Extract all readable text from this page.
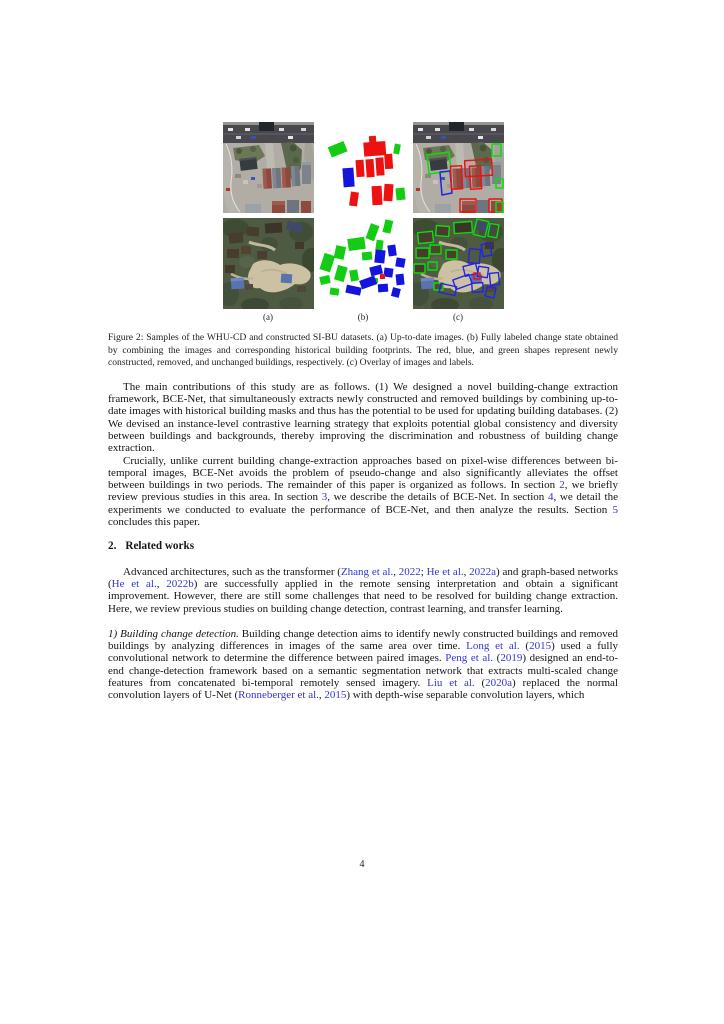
(a)	(b)	(c)
Figure 2: Samples of the WHU-CD and constructed SI-BU datasets. (a) Up-to-date images. (b) Fully labeled change state obtained by combining the images and corresponding historical building footprints. The red, blue, and green shapes represent newly constructed, removed, and unchanged buildings, respectively. (c) Overlay of images and labels.

The main contributions of this study are as follows. (1) We designed a novel building-change extraction framework, BCE-Net, that simultaneously extracts newly constructed and removed buildings by combining up-to-date images with historical building masks and thus has the potential to be used for updating building databases. (2) We devised an instance-level contrastive learning strategy that exploits potential global consistency and diversity between buildings and backgrounds, thereby improving the discrimination and robustness of building change extraction.

Crucially, unlike current building change-extraction approaches based on pixel-wise differences between bi-temporal images, BCE-Net avoids the problem of pseudo-change and also significantly alleviates the offset between buildings in two periods. The remainder of this paper is organized as follows. In section 2, we briefly review previous studies in this area. In section 3, we describe the details of BCE-Net. In section 4, we detail the experiments we conducted to evaluate the performance of BCE-Net, and then analyze the results. Section 5 concludes this paper.

2. Related works

Advanced architectures, such as the transformer (Zhang et al., 2022; He et al., 2022a) and graph-based networks (He et al., 2022b) are successfully applied in the remote sensing interpretation and obtain a significant improvement. However, there are still some challenges that need to be resolved for building change extraction. Here, we review previous studies on building change detection, contrast learning, and transfer learning.

1) Building change detection. Building change detection aims to identify newly constructed buildings and removed buildings by analyzing differences in images of the same area over time. Long et al. (2015) used a fully convolutional network to determine the difference between paired images. Peng et al. (2019) designed an end-to-end change-detection framework based on a semantic segmentation network that extracts multi-scaled change features from concatenated bi-temporal remotely sensed imagery. Liu et al. (2020a) replaced the normal convolution layers of U-Net (Ronneberger et al., 2015) with depth-wise separable convolution layers, which

4
